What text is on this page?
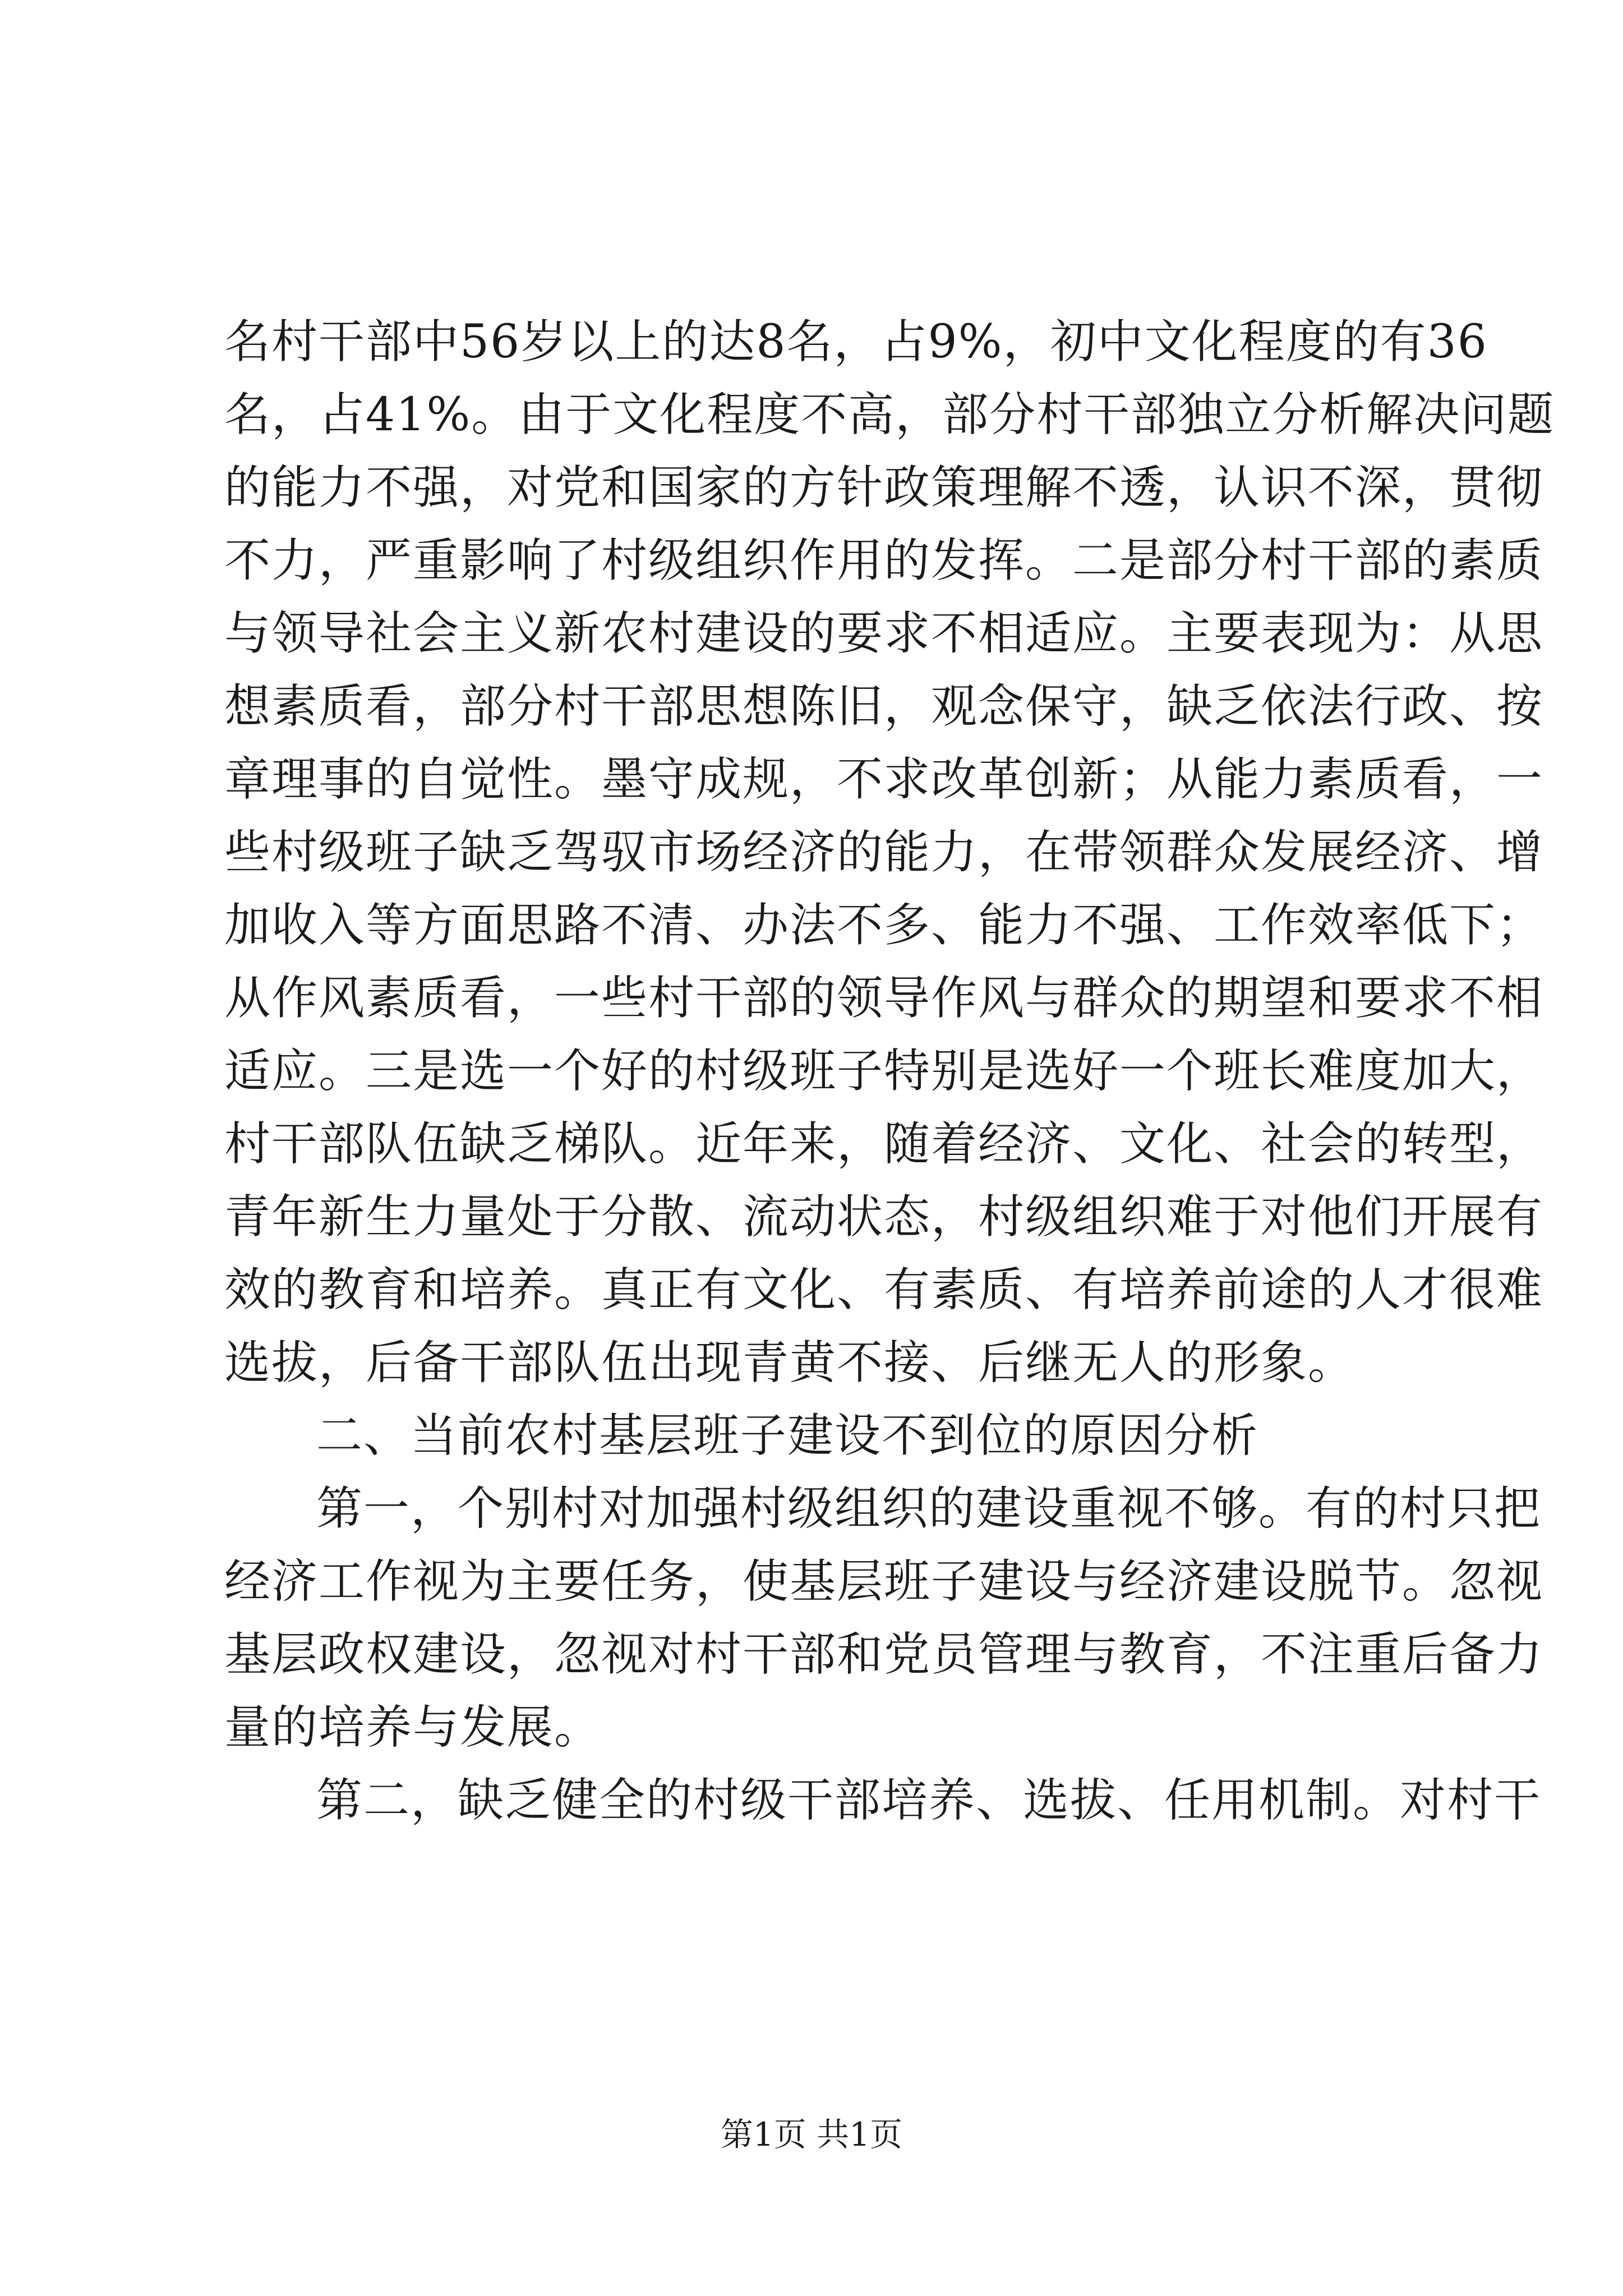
名村干部中56岁以上的达8名，占9%，初中文化程度的有36
名，占41%。由于文化程度不高，部分村干部独立分析解决问题
的能力不强，对党和国家的方针政策理解不透，认识不深，贯彻
不力，严重影响了村级组织作用的发挥。二是部分村干部的素质
与领导社会主义新农村建设的要求不相适应。主要表现为：从思
想素质看，部分村干部思想陈旧，观念保守，缺乏依法行政、按
章理事的自觉性。墨守成规，不求改革创新；从能力素质看，一
些村级班子缺乏驾驭市场经济的能力，在带领群众发展经济、增
加收入等方面思路不清、办法不多、能力不强、工作效率低下；
从作风素质看，一些村干部的领导作风与群众的期望和要求不相
适应。三是选一个好的村级班子特别是选好一个班长难度加大，
村干部队伍缺乏梯队。近年来，随着经济、文化、社会的转型，
青年新生力量处于分散、流动状态，村级组织难于对他们开展有
效的教育和培养。真正有文化、有素质、有培养前途的人才很难
选拔，后备干部队伍出现青黄不接、后继无人的形象。
二、当前农村基层班子建设不到位的原因分析
第一，个别村对加强村级组织的建设重视不够。有的村只把
经济工作视为主要任务，使基层班子建设与经济建设脱节。忽视
基层政权建设，忽视对村干部和党员管理与教育，不注重后备力
量的培养与发展。
第二，缺乏健全的村级干部培养、选拔、任用机制。对村干
第1页 共1页
